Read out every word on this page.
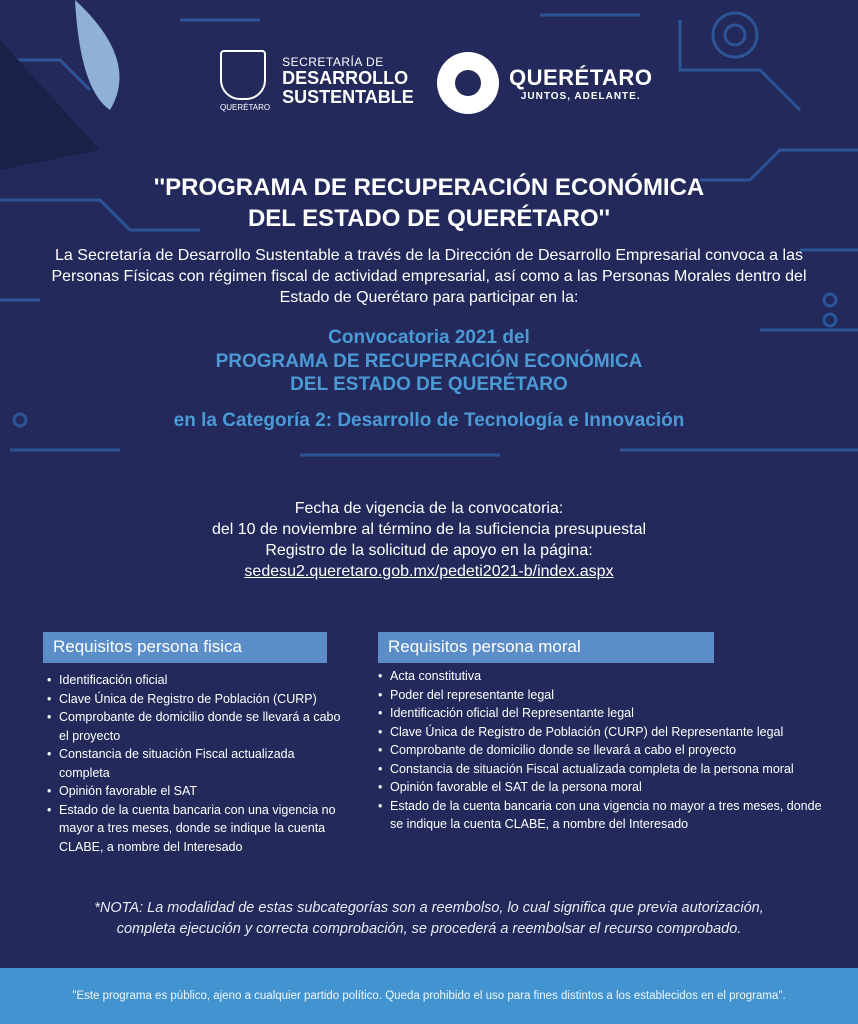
QUERÉTARO
SECRETARÍA DE
DESARROLLO
SUSTENTABLE
QUERÉTARO
JUNTOS, ADELANTE.
''PROGRAMA DE RECUPERACIÓN ECONÓMICA
DEL ESTADO DE QUERÉTARO''
La Secretaría de Desarrollo Sustentable a través de la Dirección de Desarrollo Empresarial convoca a las Personas Físicas con régimen fiscal de actividad empresarial, así como a las Personas Morales dentro del Estado de Querétaro para participar en la:
Convocatoria 2021 del
PROGRAMA DE RECUPERACIÓN ECONÓMICA
DEL ESTADO DE QUERÉTARO
en la Categoría 2: Desarrollo de Tecnología e Innovación
Fecha de vigencia de la convocatoria:
del 10 de noviembre al término de la suficiencia presupuestal
Registro de la solicitud de apoyo en la página:
sedesu2.queretaro.gob.mx/pedeti2021-b/index.aspx
Requisitos persona fisica
• Identificación oficial
• Clave Única de Registro de Población (CURP)
• Comprobante de domicilio donde se llevará a cabo el proyecto
• Constancia de situación Fiscal actualizada completa
• Opinión favorable el SAT
• Estado de la cuenta bancaria con una vigencia no mayor a tres meses, donde se indique la cuenta CLABE, a nombre del Interesado
Requisitos persona moral
• Acta constitutiva
• Poder del representante legal
• Identificación oficial del Representante legal
• Clave Única de Registro de Población (CURP) del Representante legal
• Comprobante de domicilio donde se llevará a cabo el proyecto
• Constancia de situación Fiscal actualizada completa de la persona moral
• Opinión favorable el SAT de la persona moral
• Estado de la cuenta bancaria con una vigencia no mayor a tres meses, donde se indique la cuenta CLABE, a nombre del Interesado
*NOTA: La modalidad de estas subcategorías son a reembolso, lo cual significa que previa autorización,
completa ejecución y correcta comprobación, se procederá a reembolsar el recurso comprobado.
"Este programa es público, ajeno a cualquier partido político. Queda prohibido el uso para fines distintos a los establecidos en el programa".
